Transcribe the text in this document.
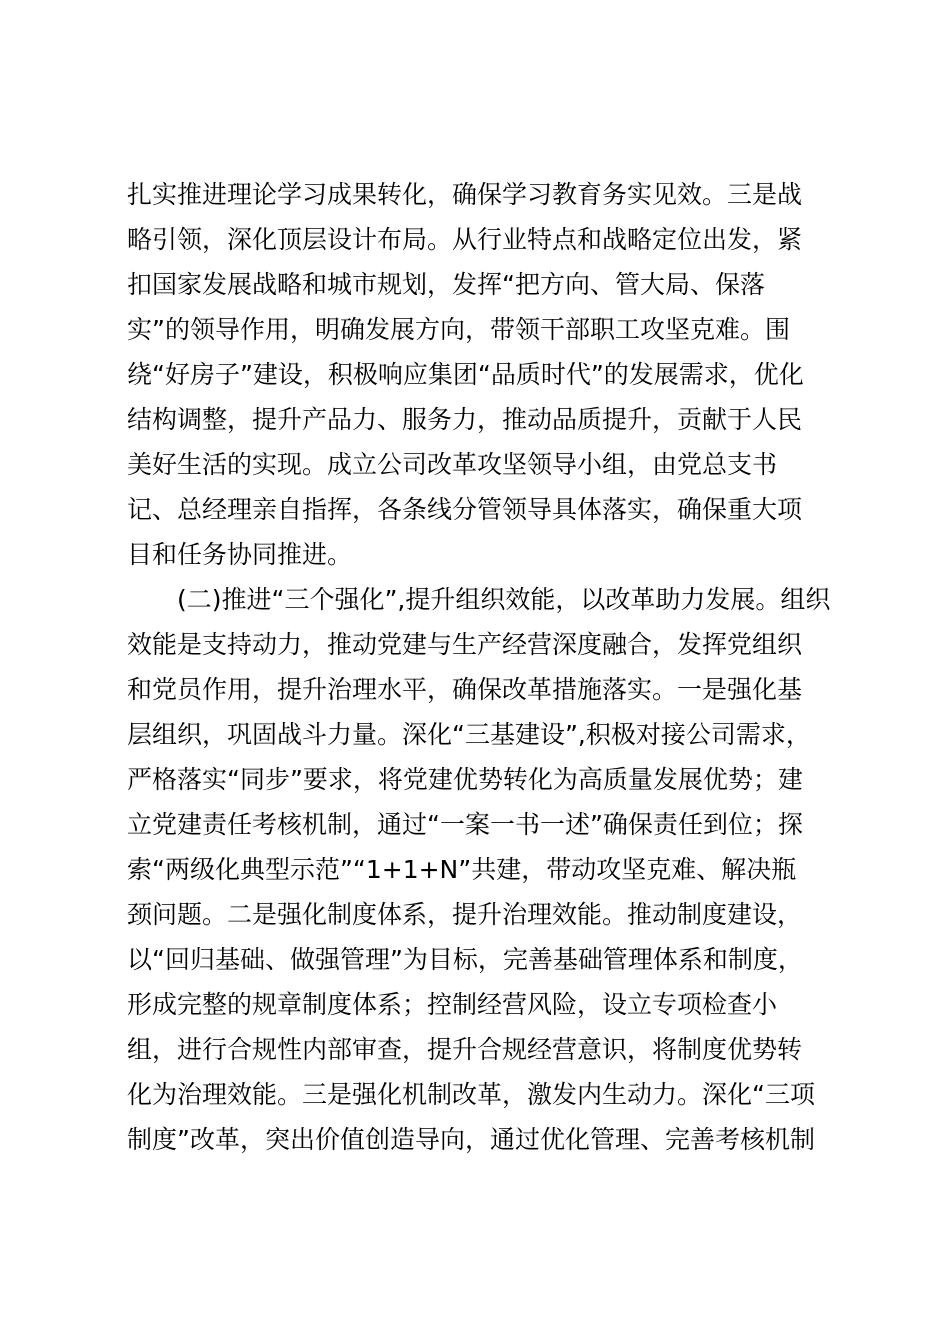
扎实推进理论学习成果转化，确保学习教育务实见效。三是战
略引领，深化顶层设计布局。从行业特点和战略定位出发，紧
扣国家发展战略和城市规划，发挥“把方向、管大局、保落
实”的领导作用，明确发展方向，带领干部职工攻坚克难。围
绕“好房子”建设，积极响应集团“品质时代”的发展需求，优化
结构调整，提升产品力、服务力，推动品质提升，贡献于人民
美好生活的实现。成立公司改革攻坚领导小组，由党总支书
记、总经理亲自指挥，各条线分管领导具体落实，确保重大项
目和任务协同推进。
(二)推进“三个强化”,提升组织效能，以改革助力发展。组织
效能是支持动力，推动党建与生产经营深度融合，发挥党组织
和党员作用，提升治理水平，确保改革措施落实。一是强化基
层组织，巩固战斗力量。深化“三基建设”,积极对接公司需求，
严格落实“同步”要求，将党建优势转化为高质量发展优势；建
立党建责任考核机制，通过“一案一书一述”确保责任到位；探
索“两级化典型示范”“1+1+N”共建，带动攻坚克难、解决瓶
颈问题。二是强化制度体系，提升治理效能。推动制度建设，
以“回归基础、做强管理”为目标，完善基础管理体系和制度，
形成完整的规章制度体系；控制经营风险，设立专项检查小
组，进行合规性内部审查，提升合规经营意识，将制度优势转
化为治理效能。三是强化机制改革，激发内生动力。深化“三项
制度”改革，突出价值创造导向，通过优化管理、完善考核机制
